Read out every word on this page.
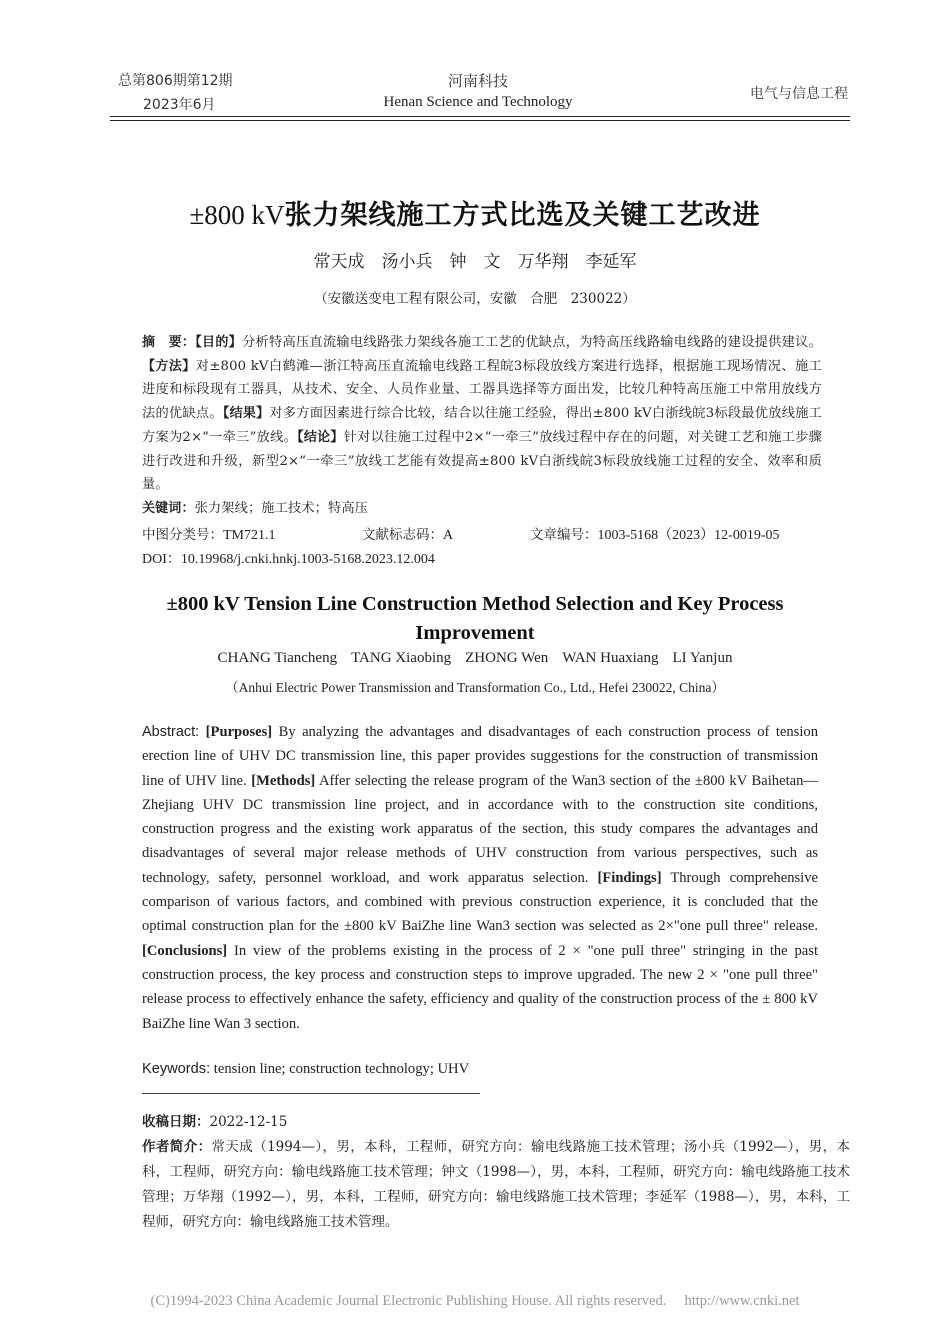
总第806期第12期
2023年6月
河南科技
Henan Science and Technology	电气与信息工程
±800 kV张力架线施工方式比选及关键工艺改进
常天成　汤小兵　钟　文　万华翔　李延军
（安徽送变电工程有限公司，安徽　合肥　230022）

摘　要：【目的】分析特高压直流输电线路张力架线各施工工艺的优缺点，为特高压线路输电线路的建设提供建议。【方法】对±800 kV白鹤滩—浙江特高压直流输电线路工程皖3标段放线方案进行选择，根据施工现场情况、施工进度和标段现有工器具，从技术、安全、人员作业量、工器具选择等方面出发，比较几种特高压施工中常用放线方法的优缺点。【结果】对多方面因素进行综合比较，结合以往施工经验，得出±800 kV白浙线皖3标段最优放线施工方案为2×“一牵三”放线。【结论】针对以往施工过程中2×“一牵三”放线过程中存在的问题，对关键工艺和施工步骤进行改进和升级，新型2×“一牵三”放线工艺能有效提高±800 kV白浙线皖3标段放线施工过程的安全、效率和质量。

关键词：张力架线；施工技术；特高压

中图分类号：TM721.1	文献标志码：A	文章编号：1003-5168（2023）12-0019-05
DOI：10.19968/j.cnki.hnkj.1003-5168.2023.12.004
±800 kV Tension Line Construction Method Selection and Key Process Improvement
CHANG Tiancheng TANG Xiaobing ZHONG Wen WAN Huaxiang LI Yanjun
（Anhui Electric Power Transmission and Transformation Co., Ltd., Hefei 230022, China）
Abstract: [Purposes] By analyzing the advantages and disadvantages of each construction process of tension erection line of UHV DC transmission line, this paper provides suggestions for the construction of transmission line of UHV line. [Methods] Affer selecting the release program of the Wan3 section of the ±800 kV Baihetan—Zhejiang UHV DC transmission line project, and in accordance with to the construction site conditions, construction progress and the existing work apparatus of the section, this study compares the advantages and disadvantages of several major release methods of UHV construction from various perspectives, such as technology, safety, personnel workload, and work apparatus selection. [Findings] Through comprehensive comparison of various factors, and combined with previous construction experience, it is concluded that the optimal construction plan for the ±800 kV BaiZhe line Wan3 section was selected as 2×"one pull three" release. [Conclusions] In view of the problems existing in the process of 2 × "one pull three" stringing in the past construction process, the key process and construction steps to improve upgraded. The new 2 × "one pull three" release process to effectively enhance the safety, efficiency and quality of the construction process of the ± 800 kV BaiZhe line Wan 3 section.
Keywords: tension line; construction technology; UHV

收稿日期：2022-12-15

作者简介：常天成（1994—），男，本科，工程师，研究方向：输电线路施工技术管理；汤小兵（1992—），男，本科，工程师，研究方向：输电线路施工技术管理；钟文（1998—），男，本科，工程师，研究方向：输电线路施工技术管理；万华翔（1992—），男，本科，工程师，研究方向：输电线路施工技术管理；李延军（1988—），男，本科，工程师，研究方向：输电线路施工技术管理。

(C)1994-2023 China Academic Journal Electronic Publishing House. All rights reserved.　 http://www.cnki.net
